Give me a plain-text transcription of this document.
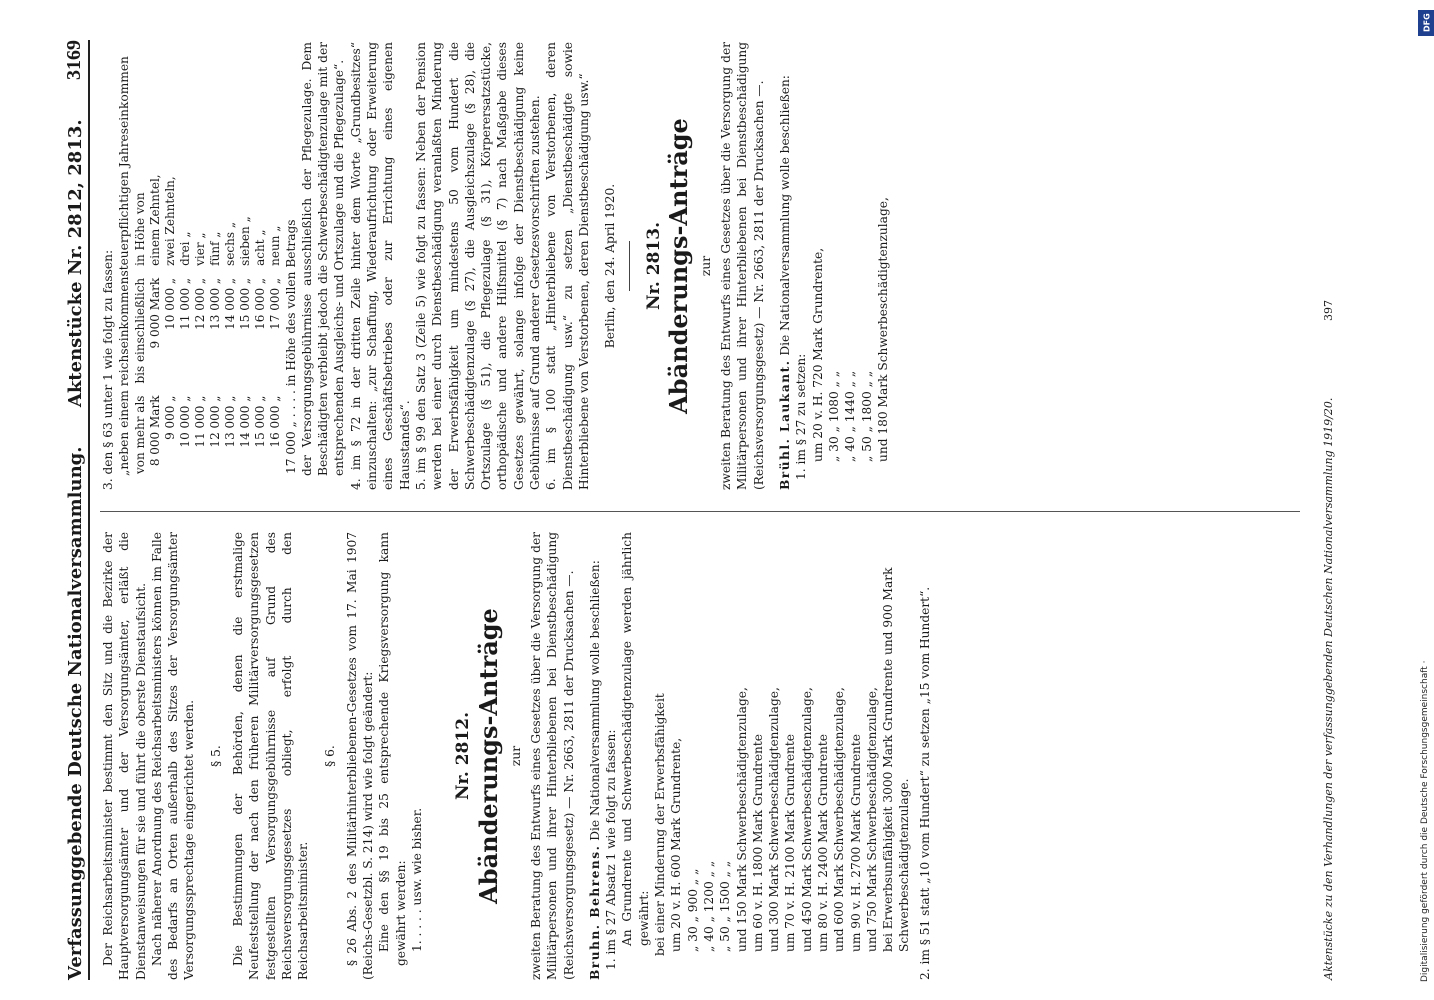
Verfassunggebende Deutsche Nationalversammlung.
Aktenstücke Nr. 2812, 2813.
3169

Der Reichsarbeitsminister bestimmt den Sitz und die Bezirke der Hauptversorgungsämter und der Versorgungsämter, erläßt die Dienstanweisungen für sie und führt die oberste Dienstaufsicht. Nach näherer Anordnung des Reichsarbeitsministers können im Falle des Bedarfs an Orten außerhalb des Sitzes der Versorgungsämter Versorgungssprechtage eingerichtet werden. § 5. Die Bestimmungen der Behörden, denen die erstmalige Neufeststellung der nach den früheren Militärversorgungsgesetzen festgestellten Versorgungsgebührnisse auf Grund des Reichsversorgungsgesetzes obliegt, erfolgt durch den Reichsarbeitsminister.

§ 6. § 26 Abs. 2 des Militärhinterbliebenen-Gesetzes vom 17. Mai 1907 (Reichs-Gesetzbl. S. 214) wird wie folgt geändert: Eine den §§ 19 bis 25 entsprechende Kriegsversorgung kann gewährt werden: 1. . . . . usw. wie bisher.

Nr. 2812. Abänderungs-Anträge zur zweiten Beratung des Entwurfs eines Gesetzes über die Versorgung der Militärpersonen und ihrer Hinterbliebenen bei Dienstbeschädigung (Reichsversorgungsgesetz) — Nr. 2663, 2811 der Drucksachen —. Bruhn. Behrens. Die Nationalversammlung wolle beschließen:

1. im § 27 Absatz 1 wie folgt zu fassen: An Grundrente und Schwerbeschädigtenzulage werden jährlich gewährt: bei einer Minderung der Erwerbsfähigkeit um 20 v. H. 600 Mark Grundrente, „ 30 „ 900 „ „ „ 40 „ 1200 „ „ „ 50 „ 1500 „ „ und 150 Mark Schwerbeschädigtenzulage, um 60 v. H. 1800 Mark Grundrente und 300 Mark Schwerbeschädigtenzulage, um 70 v. H. 2100 Mark Grundrente und 450 Mark Schwerbeschädigtenzulage, um 80 v. H. 2400 Mark Grundrente und 600 Mark Schwerbeschädigtenzulage, um 90 v. H. 2700 Mark Grundrente und 750 Mark Schwerbeschädigtenzulage, bei Erwerbsunfähigkeit 3000 Mark Grundrente und 900 Mark Schwerbeschädigtenzulage. 2. im § 51 statt „10 vom Hundert“ zu setzen „15 vom Hundert“.

3. den § 63 unter 1 wie folgt zu fassen: „neben einem reichseinkommensteuerpflichtigen Jahreseinkommen von mehr als	bis einschließlich	in Höhe von
8 000 Mark	9 000 Mark	einem Zehntel,
9 000 „	10 000 „	zwei Zehnteln,
10 000 „	11 000 „	drei „
11 000 „	12 000 „	vier „
12 000 „	13 000 „	fünf „
13 000 „	14 000 „	sechs „
14 000 „	15 000 „	sieben „
15 000 „	16 000 „	acht „
16 000 „	17 000 „	neun „ 17 000 „ . . . . in Höhe des vollen Betrags der Versorgungsgebührnisse ausschließlich der Pflegezulage. Dem Beschädigten verbleibt jedoch die Schwerbeschädigtenzulage mit der entsprechenden Ausgleichs- und Ortszulage und die Pflegezulage“. 4. im § 72 in der dritten Zeile hinter dem Worte „Grundbesitzes“ einzuschalten: „zur Schaffung, Wiederaufrichtung oder Erweiterung eines Geschäftsbetriebes oder zur Errichtung eines eigenen Hausstandes“. 5. im § 99 den Satz 3 (Zeile 5) wie folgt zu fassen: Neben der Pension werden bei einer durch Dienstbeschädigung veranlaßten Minderung der Erwerbsfähigkeit um mindestens 50 vom Hundert die Schwerbeschädigtenzulage (§ 27), die Ausgleichszulage (§ 28), die Ortszulage (§ 51), die Pflegezulage (§ 31), Körperersatzstücke, orthopädische und andere Hilfsmittel (§ 7) nach Maßgabe dieses Gesetzes gewährt, solange infolge der Dienstbeschädigung keine Gebührnisse auf Grund anderer Gesetzesvorschriften zustehen. 6. im § 100 statt „Hinterbliebene von Verstorbenen, deren Dienstbeschädigung usw.“ zu setzen „Dienstbeschädigte sowie Hinterbliebene von Verstorbenen, deren Dienstbeschädigung usw.“ Berlin, den 24. April 1920. Nr. 2813. Abänderungs-Anträge zur zweiten Beratung des Entwurfs eines Gesetzes über die Versorgung der Militärpersonen und ihrer Hinterbliebenen bei Dienstbeschädigung (Reichsversorgungsgesetz) — Nr. 2663, 2811 der Drucksachen —. Brühl. Laukant. Die Nationalversammlung wolle beschließen:

1. im § 27 zu setzen: um 20 v. H. 720 Mark Grundrente, „ 30 „ 1080 „ „ „ 40 „ 1440 „ „ „ 50 „ 1800 „ „ und 180 Mark Schwerbeschädigtenzulage,

Aktenstücke zu den Verhandlungen der verfassunggebenden Deutschen Nationalversammlung 1919/20.
397
DFG
Digitalisierung gefördert durch die Deutsche Forschungsgemeinschaft ·
